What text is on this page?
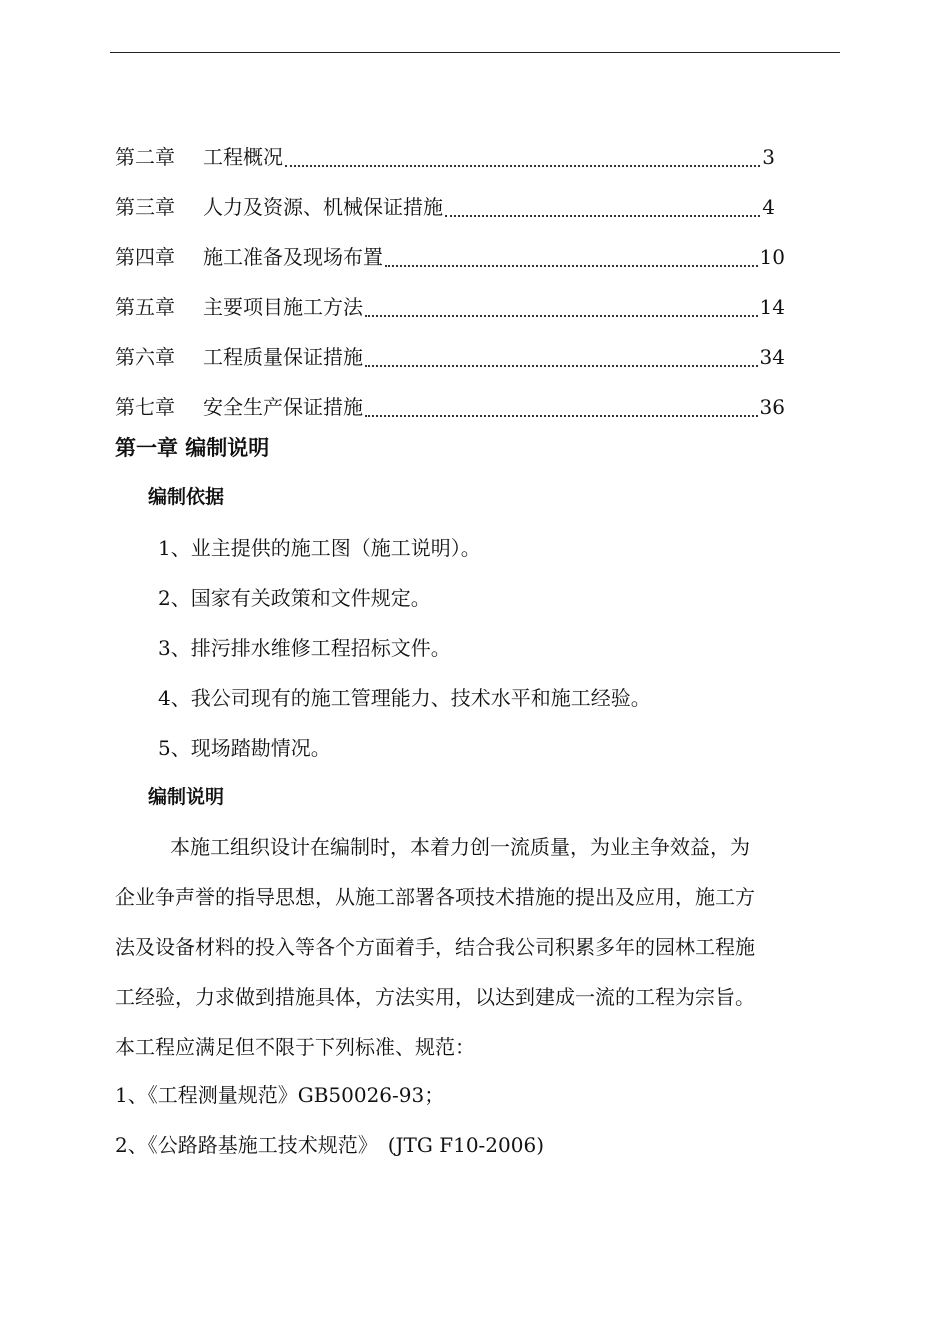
第二章	工程概况	3
第三章	人力及资源、机械保证措施	4
第四章	施工准备及现场布置	10
第五章	主要项目施工方法	14
第六章	工程质量保证措施	34
第七章	安全生产保证措施	36
第一章 编制说明
编制依据
1、业主提供的施工图（施工说明）。
2、国家有关政策和文件规定。
3、排污排水维修工程招标文件。
4、我公司现有的施工管理能力、技术水平和施工经验。
5、现场踏勘情况。
编制说明
本施工组织设计在编制时，本着力创一流质量，为业主争效益，为
企业争声誉的指导思想，从施工部署各项技术措施的提出及应用，施工方
法及设备材料的投入等各个方面着手，结合我公司积累多年的园林工程施
工经验，力求做到措施具体，方法实用，以达到建成一流的工程为宗旨。
本工程应满足但不限于下列标准、规范：
1、《工程测量规范》GB50026-93；
2、《公路路基施工技术规范》　(JTG F10-2006)
